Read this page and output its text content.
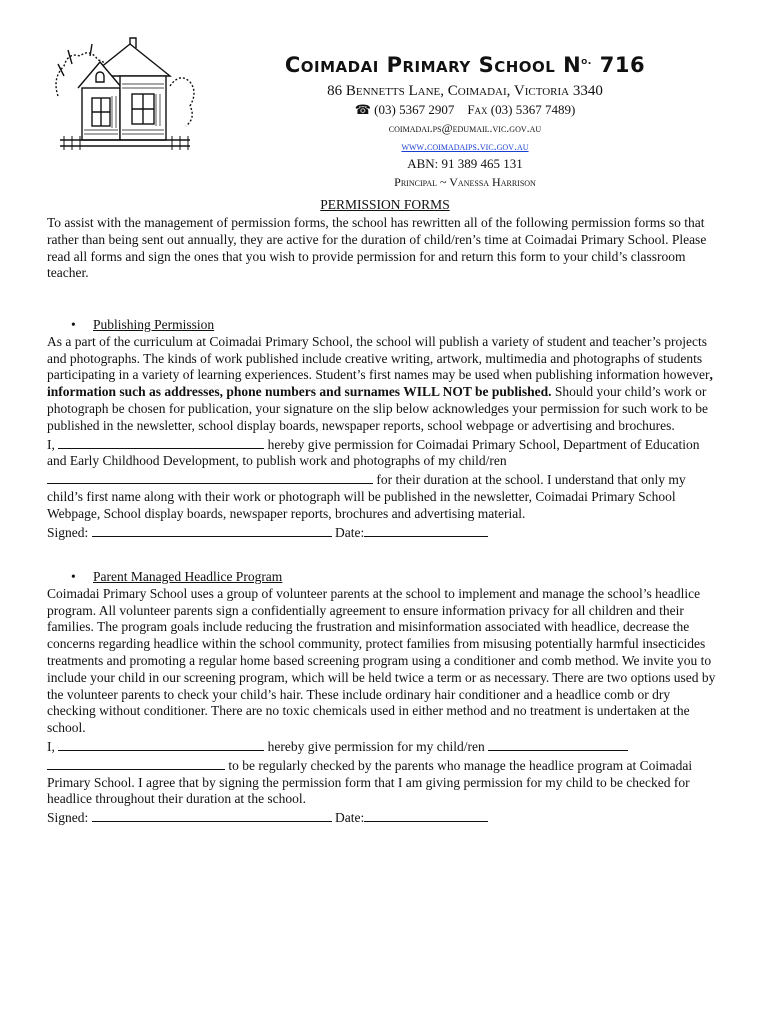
Coimadai Primary School $N^{o.}$ 716
86 Bennetts Lane, Coimadai, Victoria 3340
☎ (03) 5367 2907 Fax (03) 5367 7489)
coimadai.ps@edumail.vic.gov.au
www.coimadaips.vic.gov.au
ABN: 91 389 465 131
Principal ~ Vanessa Harrison
PERMISSION FORMS
To assist with the management of permission forms, the school has rewritten all of the following permission forms so that rather than being sent out annually, they are active for the duration of child/ren’s time at Coimadai Primary School. Please read all forms and sign the ones that you wish to provide permission for and return this form to your child’s classroom teacher.
• Publishing Permission

As a part of the curriculum at Coimadai Primary School, the school will publish a variety of student and teacher’s projects and photographs. The kinds of work published include creative writing, artwork, multimedia and photographs of students participating in a variety of learning experiences. Student’s first names may be used when publishing information however, information such as addresses, phone numbers and surnames WILL NOT be published. Should your child’s work or photograph be chosen for publication, your signature on the slip below acknowledges your permission for such work to be published in the newsletter, school display boards, newspaper reports, school webpage or advertising and brochures.

I,	hereby give permission for Coimadai Primary School, Department of Education and Early Childhood Development, to publish work and photographs of my child/ren
for their duration at the school. I understand that only my child’s first name along with their work or photograph will be published in the newsletter, Coimadai Primary School Webpage, School display boards, newspaper reports, brochures and advertising material.

Signed:	Date:

• Parent Managed Headlice Program

Coimadai Primary School uses a group of volunteer parents at the school to implement and manage the school’s headlice program. All volunteer parents sign a confidentially agreement to ensure information privacy for all children and their families. The program goals include reducing the frustration and misinformation associated with headlice, decrease the concerns regarding headlice within the school community, protect families from misusing potentially harmful insecticides treatments and promoting a regular home based screening program using a conditioner and comb method. We invite you to include your child in our screening program, which will be held twice a term or as necessary. There are two options used by the volunteer parents to check your child’s hair. These include ordinary hair conditioner and a headlice comb or dry checking without conditioner. There are no toxic chemicals used in either method and no treatment is undertaken at the school.

I,	hereby give permission for my child/ren
to be regularly checked by the parents who manage the headlice program at Coimadai Primary School. I agree that by signing the permission form that I am giving permission for my child to be checked for headlice throughout their duration at the school.

Signed:	Date:
